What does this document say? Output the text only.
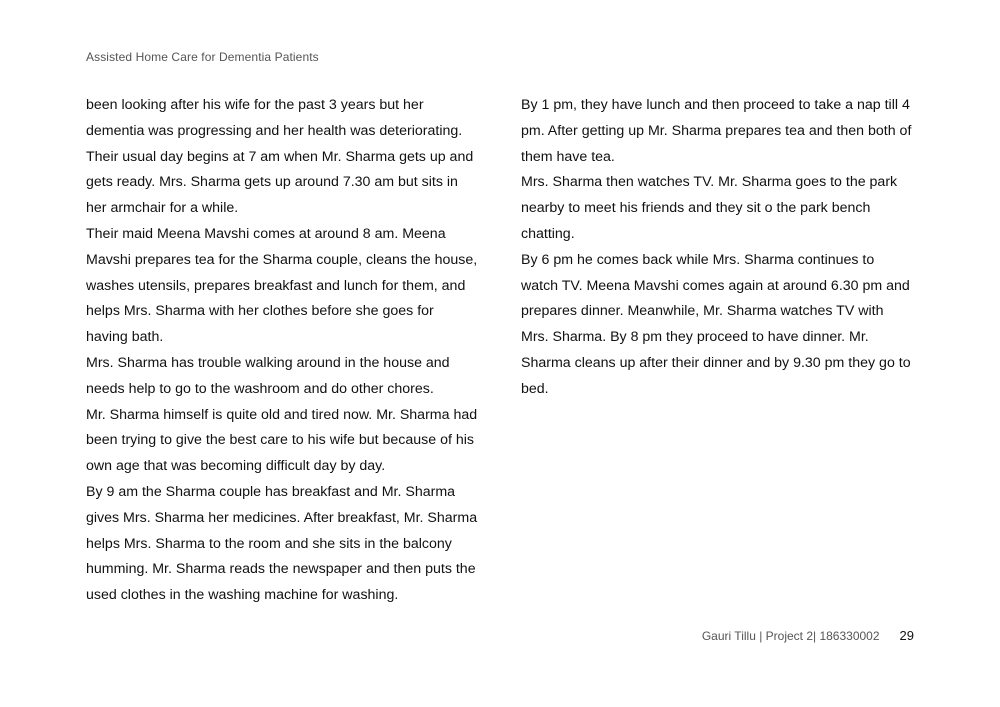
Assisted Home Care for Dementia Patients

been looking after his wife for the past 3 years but her dementia was progressing and her health was deteriorating. Their usual day begins at 7 am when Mr. Sharma gets up and gets ready. Mrs. Sharma gets up around 7.30 am but sits in her armchair for a while.

Their maid Meena Mavshi comes at around 8 am. Meena Mavshi prepares tea for the Sharma couple, cleans the house, washes utensils, prepares breakfast and lunch for them, and helps Mrs. Sharma with her clothes before she goes for having bath.

Mrs. Sharma has trouble walking around in the house and needs help to go to the washroom and do other chores.

Mr. Sharma himself is quite old and tired now. Mr. Sharma had been trying to give the best care to his wife but because of his own age that was becoming difficult day by day.

By 9 am the Sharma couple has breakfast and Mr. Sharma gives Mrs. Sharma her medicines. After breakfast, Mr. Sharma helps Mrs. Sharma to the room and she sits in the balcony humming. Mr. Sharma reads the newspaper and then puts the used clothes in the washing machine for washing.

By 1 pm, they have lunch and then proceed to take a nap till 4 pm. After getting up Mr. Sharma prepares tea and then both of them have tea.

Mrs. Sharma then watches TV. Mr. Sharma goes to the park nearby to meet his friends and they sit o the park bench chatting.

By 6 pm he comes back while Mrs. Sharma continues to watch TV. Meena Mavshi comes again at around 6.30 pm and prepares dinner. Meanwhile, Mr. Sharma watches TV with Mrs. Sharma. By 8 pm they proceed to have dinner. Mr. Sharma cleans up after their dinner and by 9.30 pm they go to bed.

Gauri Tillu | Project 2| 186330002 29
